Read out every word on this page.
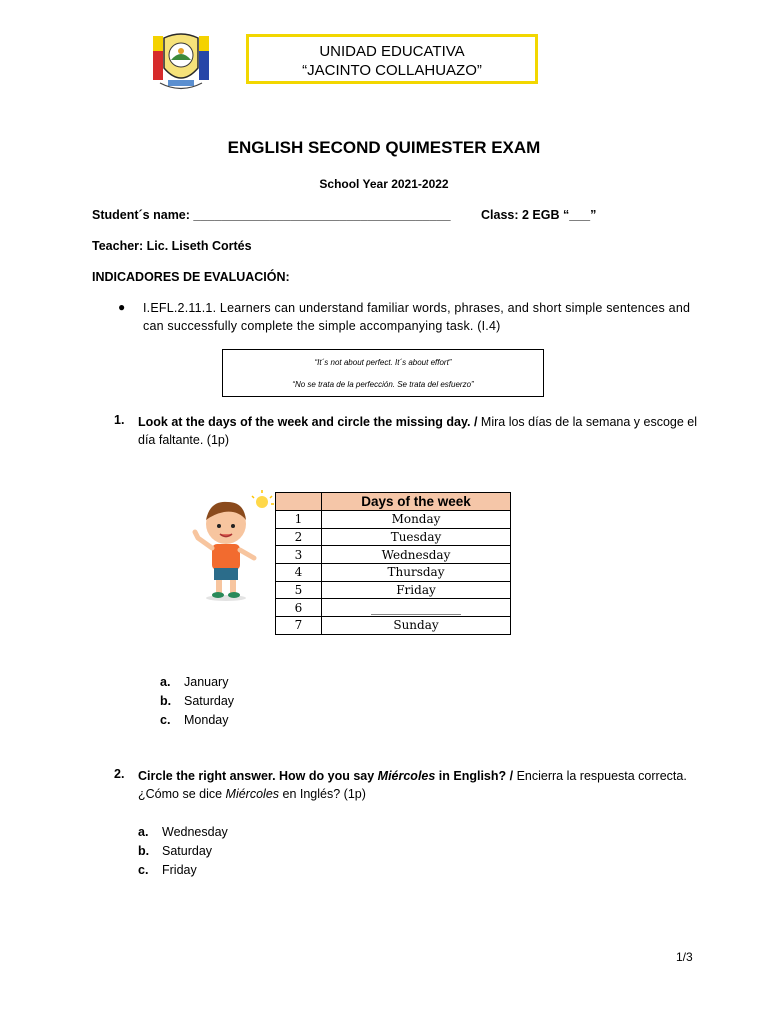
UNIDAD EDUCATIVA
“JACINTO COLLAHUAZO”
ENGLISH SECOND QUIMESTER EXAM
School Year 2021-2022
Student´s name: _____________________________________ Class: 2 EGB “___”
Teacher: Lic. Liseth Cortés
INDICADORES DE EVALUACIÓN:
● I.EFL.2.11.1. Learners can understand familiar words, phrases, and short simple sentences and can successfully complete the simple accompanying task. (I.4)
“It´s not about perfect. It´s about effort”
“No se trata de la perfección. Se trata del esfuerzo”
1. Look at the days of the week and circle the missing day. / Mira los días de la semana y escoge el día faltante. (1p)
	Days of the week
1	Monday
2	Tuesday
3	Wednesday
4	Thursday
5	Friday
6	_______________
7	Sunday
a. January
b. Saturday
c. Monday
2. Circle the right answer. How do you say Miércoles in English? / Encierra la respuesta correcta. ¿Cómo se dice Miércoles en Inglés? (1p)
a. Wednesday
b. Saturday
c. Friday
1/3
